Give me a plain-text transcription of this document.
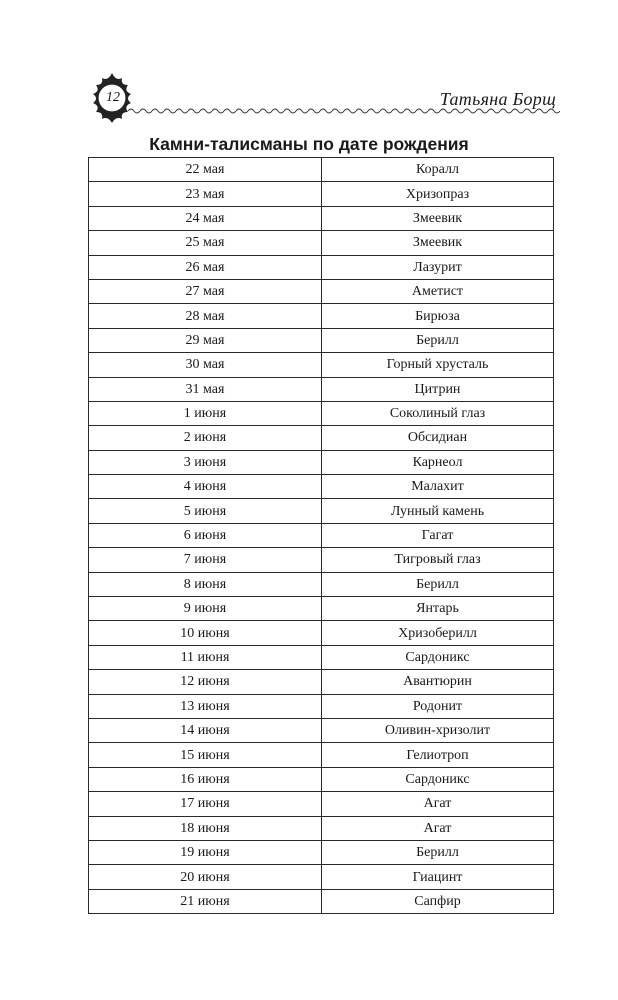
12	Татьяна Борщ
Камни-талисманы по дате рождения
22 мая	Коралл
23 мая	Хризопраз
24 мая	Змеевик
25 мая	Змеевик
26 мая	Лазурит
27 мая	Аметист
28 мая	Бирюза
29 мая	Берилл
30 мая	Горный хрусталь
31 мая	Цитрин
1 июня	Соколиный глаз
2 июня	Обсидиан
3 июня	Карнеол
4 июня	Малахит
5 июня	Лунный камень
6 июня	Гагат
7 июня	Тигровый глаз
8 июня	Берилл
9 июня	Янтарь
10 июня	Хризоберилл
11 июня	Сардоникс
12 июня	Авантюрин
13 июня	Родонит
14 июня	Оливин-хризолит
15 июня	Гелиотроп
16 июня	Сардоникс
17 июня	Агат
18 июня	Агат
19 июня	Берилл
20 июня	Гиацинт
21 июня	Сапфир
